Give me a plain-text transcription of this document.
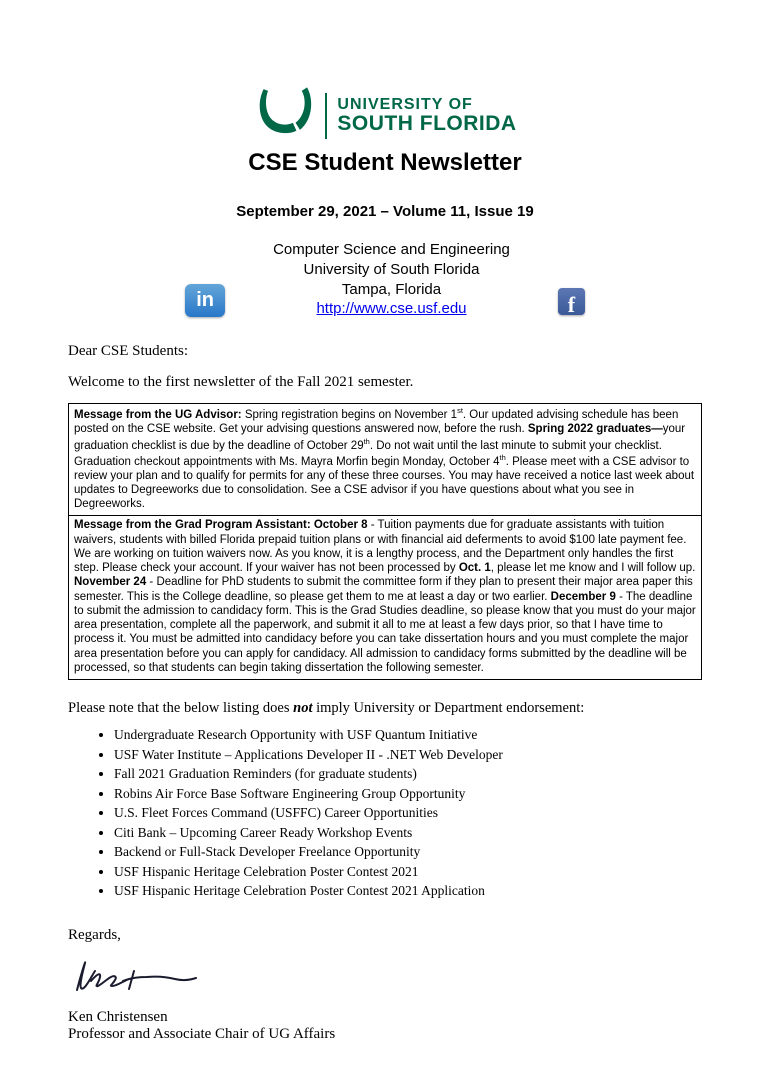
UNIVERSITY OF
SOUTH FLORIDA
CSE Student Newsletter
September 29, 2021 – Volume 11, Issue 19
in
Computer Science and Engineering
University of South Florida
Tampa, Florida
http://www.cse.usf.edu	f
Dear CSE Students:
Welcome to the first newsletter of the Fall 2021 semester.
Message from the UG Advisor: Spring registration begins on November 1st. Our updated advising schedule has been posted on the CSE website. Get your advising questions answered now, before the rush. Spring 2022 graduates—your graduation checklist is due by the deadline of October 29th. Do not wait until the last minute to submit your checklist. Graduation checkout appointments with Ms. Mayra Morfin begin Monday, October 4th. Please meet with a CSE advisor to review your plan and to qualify for permits for any of these three courses. You may have received a notice last week about updates to Degreeworks due to consolidation. See a CSE advisor if you have questions about what you see in Degreeworks.
Message from the Grad Program Assistant: October 8 - Tuition payments due for graduate assistants with tuition waivers, students with billed Florida prepaid tuition plans or with financial aid deferments to avoid $100 late payment fee. We are working on tuition waivers now. As you know, it is a lengthy process, and the Department only handles the first step. Please check your account. If your waiver has not been processed by Oct. 1, please let me know and I will follow up. November 24 - Deadline for PhD students to submit the committee form if they plan to present their major area paper this semester. This is the College deadline, so please get them to me at least a day or two earlier. December 9 - The deadline to submit the admission to candidacy form. This is the Grad Studies deadline, so please know that you must do your major area presentation, complete all the paperwork, and submit it all to me at least a few days prior, so that I have time to process it. You must be admitted into candidacy before you can take dissertation hours and you must complete the major area presentation before you can apply for candidacy. All admission to candidacy forms submitted by the deadline will be processed, so that students can begin taking dissertation the following semester.
Please note that the below listing does not imply University or Department endorsement:
• Undergraduate Research Opportunity with USF Quantum Initiative
• USF Water Institute – Applications Developer II - .NET Web Developer
• Fall 2021 Graduation Reminders (for graduate students)
• Robins Air Force Base Software Engineering Group Opportunity
• U.S. Fleet Forces Command (USFFC) Career Opportunities
• Citi Bank – Upcoming Career Ready Workshop Events
• Backend or Full-Stack Developer Freelance Opportunity
• USF Hispanic Heritage Celebration Poster Contest 2021
• USF Hispanic Heritage Celebration Poster Contest 2021 Application
Regards,
Ken Christensen
Professor and Associate Chair of UG Affairs
